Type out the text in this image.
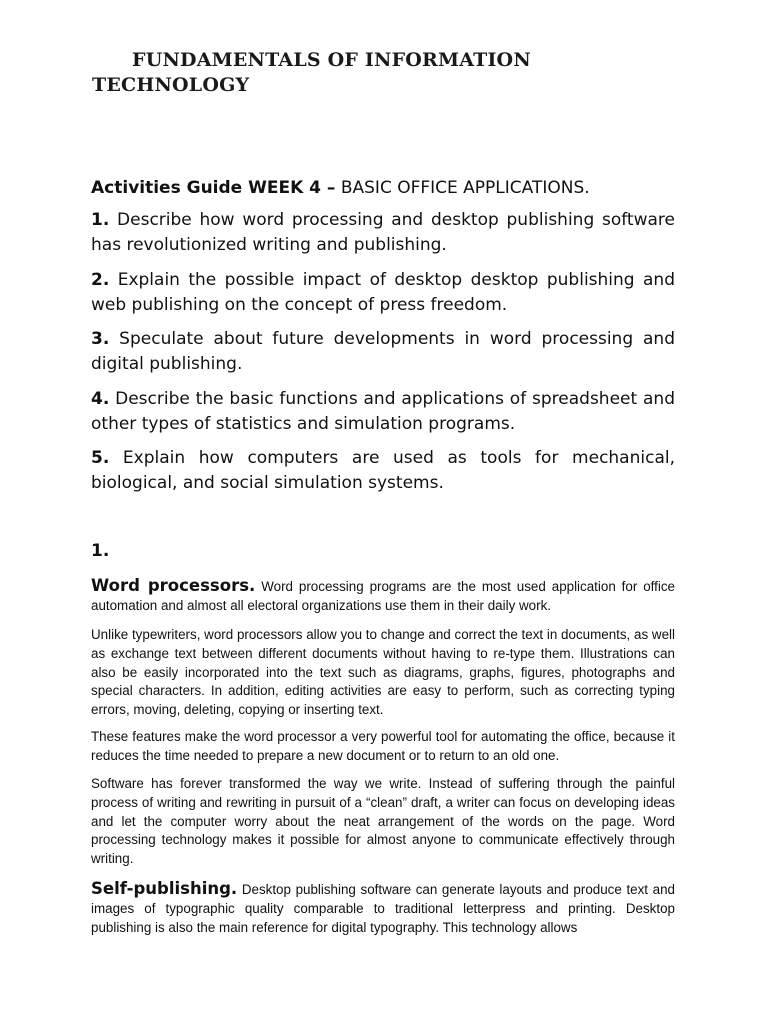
FUNDAMENTALS OF INFORMATION
TECHNOLOGY
Activities Guide WEEK 4 – BASIC OFFICE APPLICATIONS.
1. Describe how word processing and desktop publishing software has revolutionized writing and publishing.
2. Explain the possible impact of desktop desktop publishing and web publishing on the concept of press freedom.
3. Speculate about future developments in word processing and digital publishing.
4. Describe the basic functions and applications of spreadsheet and other types of statistics and simulation programs.
5. Explain how computers are used as tools for mechanical, biological, and social simulation systems.
1.
Word processors. Word processing programs are the most used application for office automation and almost all electoral organizations use them in their daily work.
Unlike typewriters, word processors allow you to change and correct the text in documents, as well as exchange text between different documents without having to re-type them. Illustrations can also be easily incorporated into the text such as diagrams, graphs, figures, photographs and special characters. In addition, editing activities are easy to perform, such as correcting typing errors, moving, deleting, copying or inserting text.
These features make the word processor a very powerful tool for automating the office, because it reduces the time needed to prepare a new document or to return to an old one.
Software has forever transformed the way we write. Instead of suffering through the painful process of writing and rewriting in pursuit of a “clean” draft, a writer can focus on developing ideas and let the computer worry about the neat arrangement of the words on the page. Word processing technology makes it possible for almost anyone to communicate effectively through writing.
Self-publishing. Desktop publishing software can generate layouts and produce text and images of typographic quality comparable to traditional letterpress and printing. Desktop publishing is also the main reference for digital typography. This technology allows
